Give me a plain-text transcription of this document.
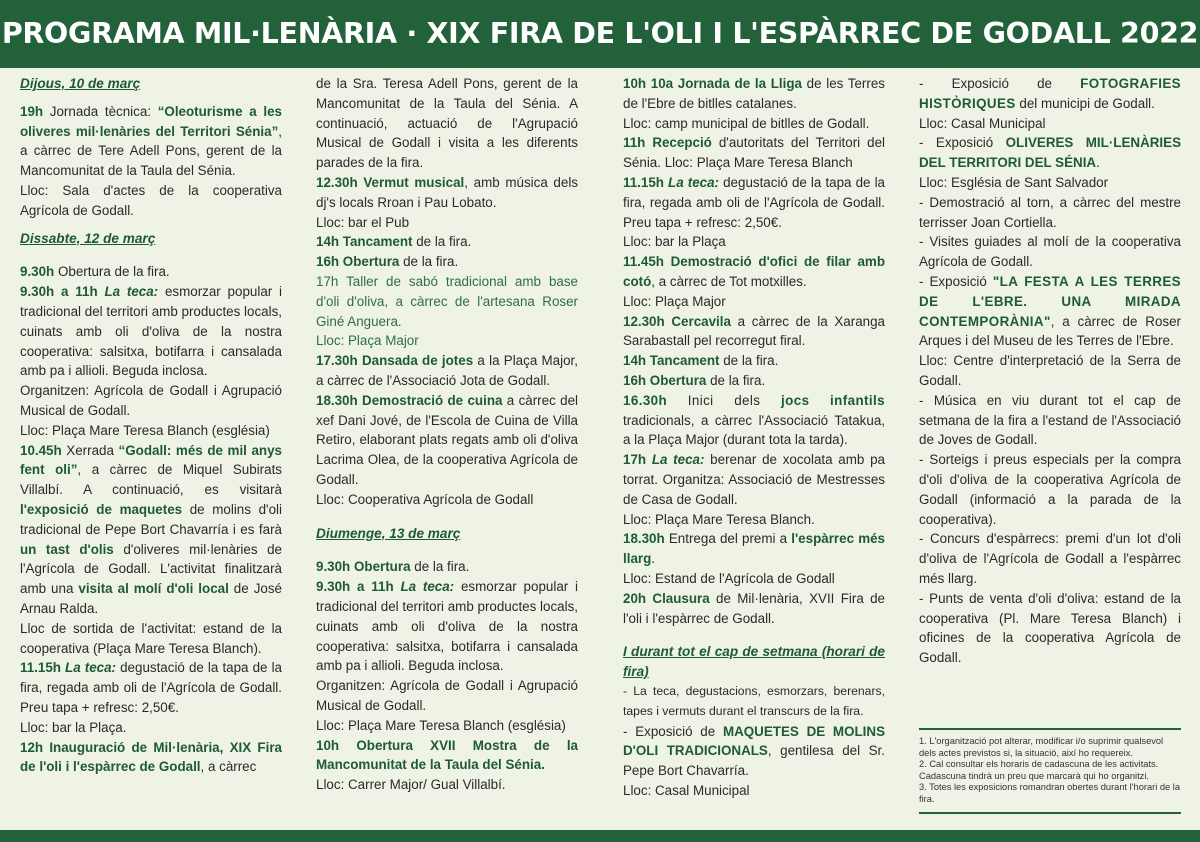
PROGRAMA MIL·LENÀRIA · XIX FIRA DE L'OLI I L'ESPÀRREC DE GODALL 2022

Dijous, 10 de març

19h Jornada tècnica: “Oleoturisme a les oliveres mil·lenàries del Territori Sénia”, a càrrec de Tere Adell Pons, gerent de la Mancomunitat de la Taula del Sénia.

Lloc: Sala d'actes de la cooperativa Agrícola de Godall.

Dissabte, 12 de març

9.30h Obertura de la fira.

9.30h a 11h La teca: esmorzar popular i tradicional del territori amb productes locals, cuinats amb oli d'oliva de la nostra cooperativa: salsitxa, botifarra i cansalada amb pa i allioli. Beguda inclosa.

Organitzen: Agrícola de Godall i Agrupació Musical de Godall.

Lloc: Plaça Mare Teresa Blanch (església)

10.45h Xerrada “Godall: més de mil anys fent oli”, a càrrec de Miquel Subirats Villalbí. A continuació, es visitarà l'exposició de maquetes de molins d'oli tradicional de Pepe Bort Chavarría i es farà un tast d'olis d'oliveres mil·lenàries de l'Agrícola de Godall. L'activitat finalitzarà amb una visita al molí d'oli local de José Arnau Ralda.

Lloc de sortida de l'activitat: estand de la cooperativa (Plaça Mare Teresa Blanch).

11.15h La teca: degustació de la tapa de la fira, regada amb oli de l'Agrícola de Godall. Preu tapa + refresc: 2,50€.

Lloc: bar la Plaça.

12h Inauguració de Mil·lenària, XIX Fira de l'oli i l'espàrrec de Godall, a càrrec

de la Sra. Teresa Adell Pons, gerent de la Mancomunitat de la Taula del Sénia. A continuació, actuació de l'Agrupació Musical de Godall i visita a les diferents parades de la fira.

12.30h Vermut musical, amb música dels dj's locals Rroan i Pau Lobato.

Lloc: bar el Pub

14h Tancament de la fira.

16h Obertura de la fira.

17h Taller de sabó tradicional amb base d'oli d'oliva, a càrrec de l'artesana Roser Giné Anguera.

Lloc: Plaça Major

17.30h Dansada de jotes a la Plaça Major, a càrrec de l'Associació Jota de Godall.

18.30h Demostració de cuina a càrrec del xef Dani Jové, de l'Escola de Cuina de Villa Retiro, elaborant plats regats amb oli d'oliva Lacrima Olea, de la cooperativa Agrícola de Godall.

Lloc: Cooperativa Agrícola de Godall

Diumenge, 13 de març

9.30h Obertura de la fira.

9.30h a 11h La teca: esmorzar popular i tradicional del territori amb productes locals, cuinats amb oli d'oliva de la nostra cooperativa: salsitxa, botifarra i cansalada amb pa i allioli. Beguda inclosa.

Organitzen: Agrícola de Godall i Agrupació Musical de Godall.

Lloc: Plaça Mare Teresa Blanch (església)

10h Obertura XVII Mostra de la Mancomunitat de la Taula del Sénia.

Lloc: Carrer Major/ Gual Villalbí.

10h 10a Jornada de la Lliga de les Terres de l'Ebre de bitlles catalanes.

Lloc: camp municipal de bitlles de Godall.

11h Recepció d'autoritats del Territori del Sénia. Lloc: Plaça Mare Teresa Blanch

11.15h La teca: degustació de la tapa de la fira, regada amb oli de l'Agrícola de Godall. Preu tapa + refresc: 2,50€.

Lloc: bar la Plaça

11.45h Demostració d'ofici de filar amb cotó, a càrrec de Tot motxilles.

Lloc: Plaça Major

12.30h Cercavila a càrrec de la Xaranga Sarabastall pel recorregut firal.

14h Tancament de la fira.

16h Obertura de la fira.

16.30h Inici dels jocs infantils tradicionals, a càrrec l'Associació Tatakua, a la Plaça Major (durant tota la tarda).

17h La teca: berenar de xocolata amb pa torrat. Organitza: Associació de Mestresses de Casa de Godall.

Lloc: Plaça Mare Teresa Blanch.

18.30h Entrega del premi a l'espàrrec més llarg.

Lloc: Estand de l'Agrícola de Godall

20h Clausura de Mil·lenària, XVII Fira de l'oli i l'espàrrec de Godall.

I durant tot el cap de setmana (horari de fira)

- La teca, degustacions, esmorzars, berenars, tapes i vermuts durant el transcurs de la fira.

- Exposició de MAQUETES DE MOLINS D'OLI TRADICIONALS, gentilesa del Sr. Pepe Bort Chavarría.

Lloc: Casal Municipal

- Exposició de FOTOGRAFIES HISTÒRIQUES del municipi de Godall.

Lloc: Casal Municipal

- Exposició OLIVERES MIL·LENÀRIES DEL TERRITORI DEL SÉNIA.

Lloc: Església de Sant Salvador

- Demostració al torn, a càrrec del mestre terrisser Joan Cortiella.

- Visites guiades al molí de la cooperativa Agrícola de Godall.

- Exposició "LA FESTA A LES TERRES DE L'EBRE. UNA MIRADA CONTEMPORÀNIA", a càrrec de Roser Arques i del Museu de les Terres de l'Ebre.

Lloc: Centre d'interpretació de la Serra de Godall.

- Música en viu durant tot el cap de setmana de la fira a l'estand de l'Associació de Joves de Godall.

- Sorteigs i preus especials per la compra d'oli d'oliva de la cooperativa Agrícola de Godall (informació a la parada de la cooperativa).

- Concurs d'espàrrecs: premi d'un lot d'oli d'oliva de l'Agrícola de Godall a l'espàrrec més llarg.

- Punts de venta d'oli d'oliva: estand de la cooperativa (Pl. Mare Teresa Blanch) i oficines de la cooperativa Agrícola de Godall.

1. L'organització pot alterar, modificar i/o suprimir qualsevol dels actes previstos si, la situació, així ho requereix.

2. Cal consultar els horaris de cadascuna de les activitats. Cadascuna tindrà un preu que marcarà qui ho organitzi.

3. Totes les exposicions romandran obertes durant l'horari de la fira.
